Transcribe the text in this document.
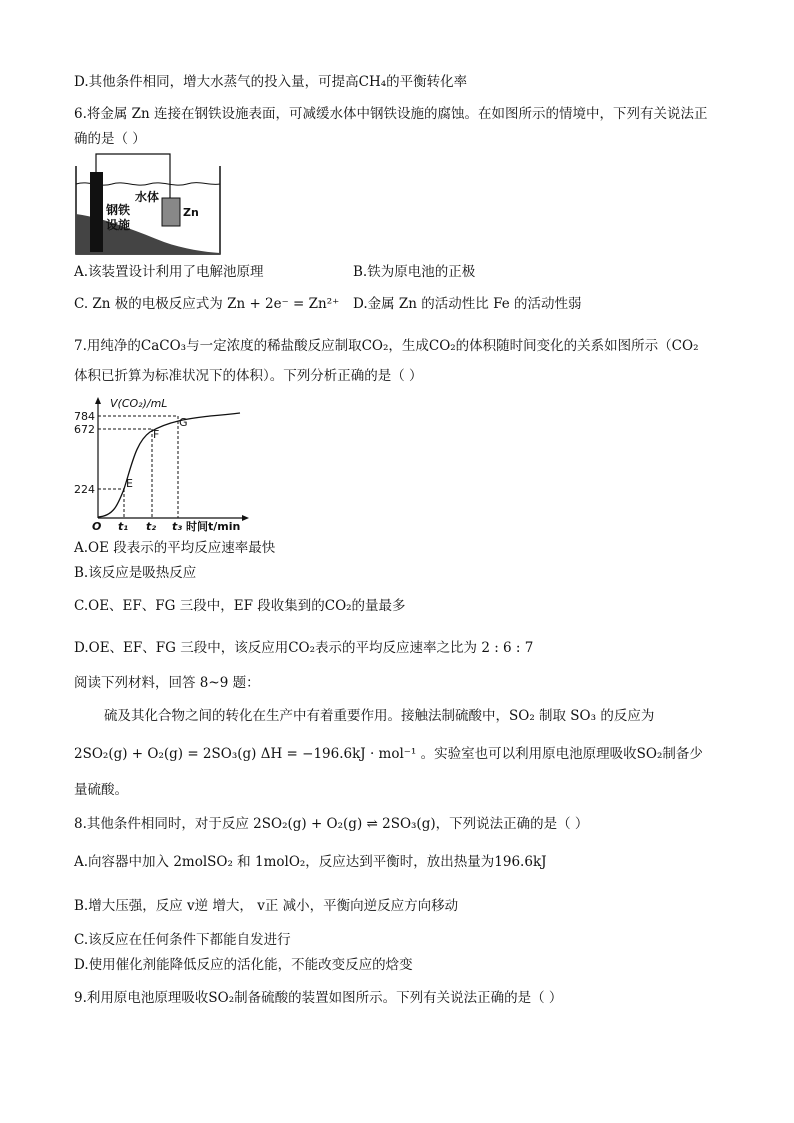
D.其他条件相同，增大水蒸气的投入量，可提高CH₄的平衡转化率
6.将金属 Zn 连接在钢铁设施表面，可减缓水体中钢铁设施的腐蚀。在如图所示的情境中，下列有关说法正
确的是（ ）
水体
Zn
钢铁
设施
A.该装置设计利用了电解池原理	B.铁为原电池的正极
C. Zn 极的电极反应式为 Zn + 2e⁻ = Zn²⁺ D.金属 Zn 的活动性比 Fe 的活动性弱
7.用纯净的CaCO₃与一定浓度的稀盐酸反应制取CO₂，生成CO₂的体积随时间变化的关系如图所示（CO₂
体积已折算为标准状况下的体积）。下列分析正确的是（ ）
V(CO₂)/mL
784
672
224	E
F
G
O t₁ t₂ t₃ 时间t/min
A.OE 段表示的平均反应速率最快
B.该反应是吸热反应
C.OE、EF、FG 三段中，EF 段收集到的CO₂的量最多
D.OE、EF、FG 三段中，该反应用CO₂表示的平均反应速率之比为 2 : 6 : 7
阅读下列材料，回答 8~9 题：
硫及其化合物之间的转化在生产中有着重要作用。接触法制硫酸中，SO₂ 制取 SO₃ 的反应为
2SO₂(g) + O₂(g) = 2SO₃(g) ΔH = −196.6kJ · mol⁻¹ 。实验室也可以利用原电池原理吸收SO₂制备少
量硫酸。
8.其他条件相同时，对于反应 2SO₂(g) + O₂(g) ⇌ 2SO₃(g)，下列说法正确的是（ ）
A.向容器中加入 2molSO₂ 和 1molO₂，反应达到平衡时，放出热量为196.6kJ
B.增大压强，反应 v逆 增大， v正 减小，平衡向逆反应方向移动
C.该反应在任何条件下都能自发进行
D.使用催化剂能降低反应的活化能，不能改变反应的焓变
9.利用原电池原理吸收SO₂制备硫酸的装置如图所示。下列有关说法正确的是（ ）
